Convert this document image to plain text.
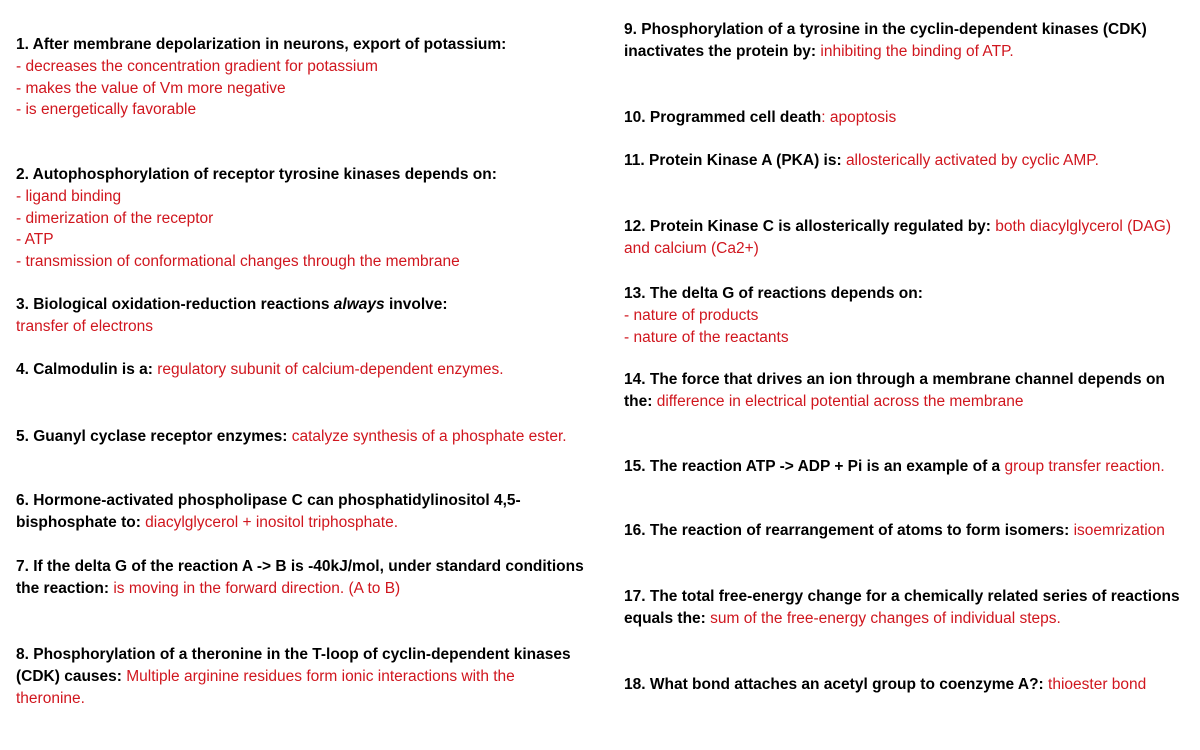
1. After membrane depolarization in neurons, export of potassium:
- decreases the concentration gradient for potassium
- makes the value of Vm more negative
- is energetically favorable
2. Autophosphorylation of receptor tyrosine kinases depends on:
- ligand binding
- dimerization of the receptor
- ATP
- transmission of conformational changes through the membrane
3. Biological oxidation-reduction reactions always involve:
transfer of electrons
4. Calmodulin is a: regulatory subunit of calcium-dependent enzymes.
5. Guanyl cyclase receptor enzymes: catalyze synthesis of a phosphate ester.
6. Hormone-activated phospholipase C can phosphatidylinositol 4,5-bisphosphate to: diacylglycerol + inositol triphosphate.
7. If the delta G of the reaction A -> B is -40kJ/mol, under standard conditions the reaction: is moving in the forward direction. (A to B)
8. Phosphorylation of a theronine in the T-loop of cyclin-dependent kinases (CDK) causes: Multiple arginine residues form ionic interactions with the theronine.
9. Phosphorylation of a tyrosine in the cyclin-dependent kinases (CDK) inactivates the protein by: inhibiting the binding of ATP.
10. Programmed cell death: apoptosis
11. Protein Kinase A (PKA) is: allosterically activated by cyclic AMP.
12. Protein Kinase C is allosterically regulated by: both diacylglycerol (DAG) and calcium (Ca2+)
13. The delta G of reactions depends on:
- nature of products
- nature of the reactants
14. The force that drives an ion through a membrane channel depends on the: difference in electrical potential across the membrane
15. The reaction ATP -> ADP + Pi is an example of a group transfer reaction.
16. The reaction of rearrangement of atoms to form isomers: isoemrization
17. The total free-energy change for a chemically related series of reactions equals the: sum of the free-energy changes of individual steps.
18. What bond attaches an acetyl group to coenzyme A?: thioester bond
